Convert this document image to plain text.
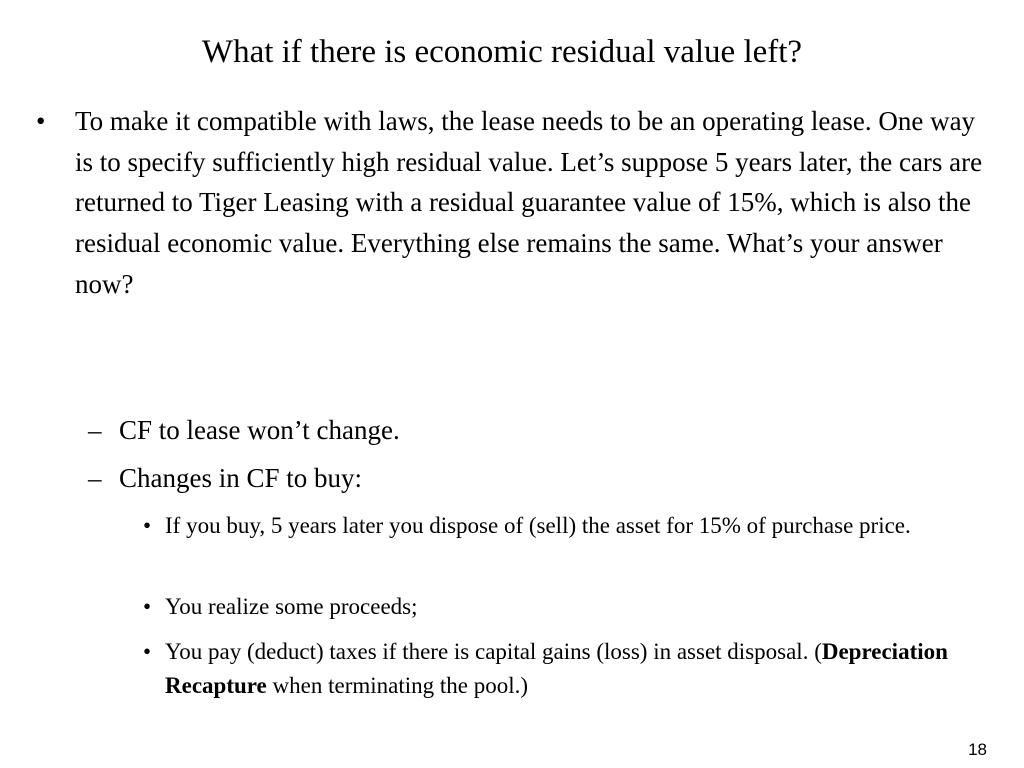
What if there is economic residual value left?
•	To make it compatible with laws, the lease needs to be an operating lease. One way is to specify sufficiently high residual value. Let’s suppose 5 years later, the cars are returned to Tiger Leasing with a residual guarantee value of 15%, which is also the residual economic value. Everything else remains the same. What’s your answer now?
– CF to lease won’t change.
– Changes in CF to buy:
• If you buy, 5 years later you dispose of (sell) the asset for 15% of purchase price.
• You realize some proceeds;
• You pay (deduct) taxes if there is capital gains (loss) in asset disposal. (Depreciation Recapture when terminating the pool.)
18
